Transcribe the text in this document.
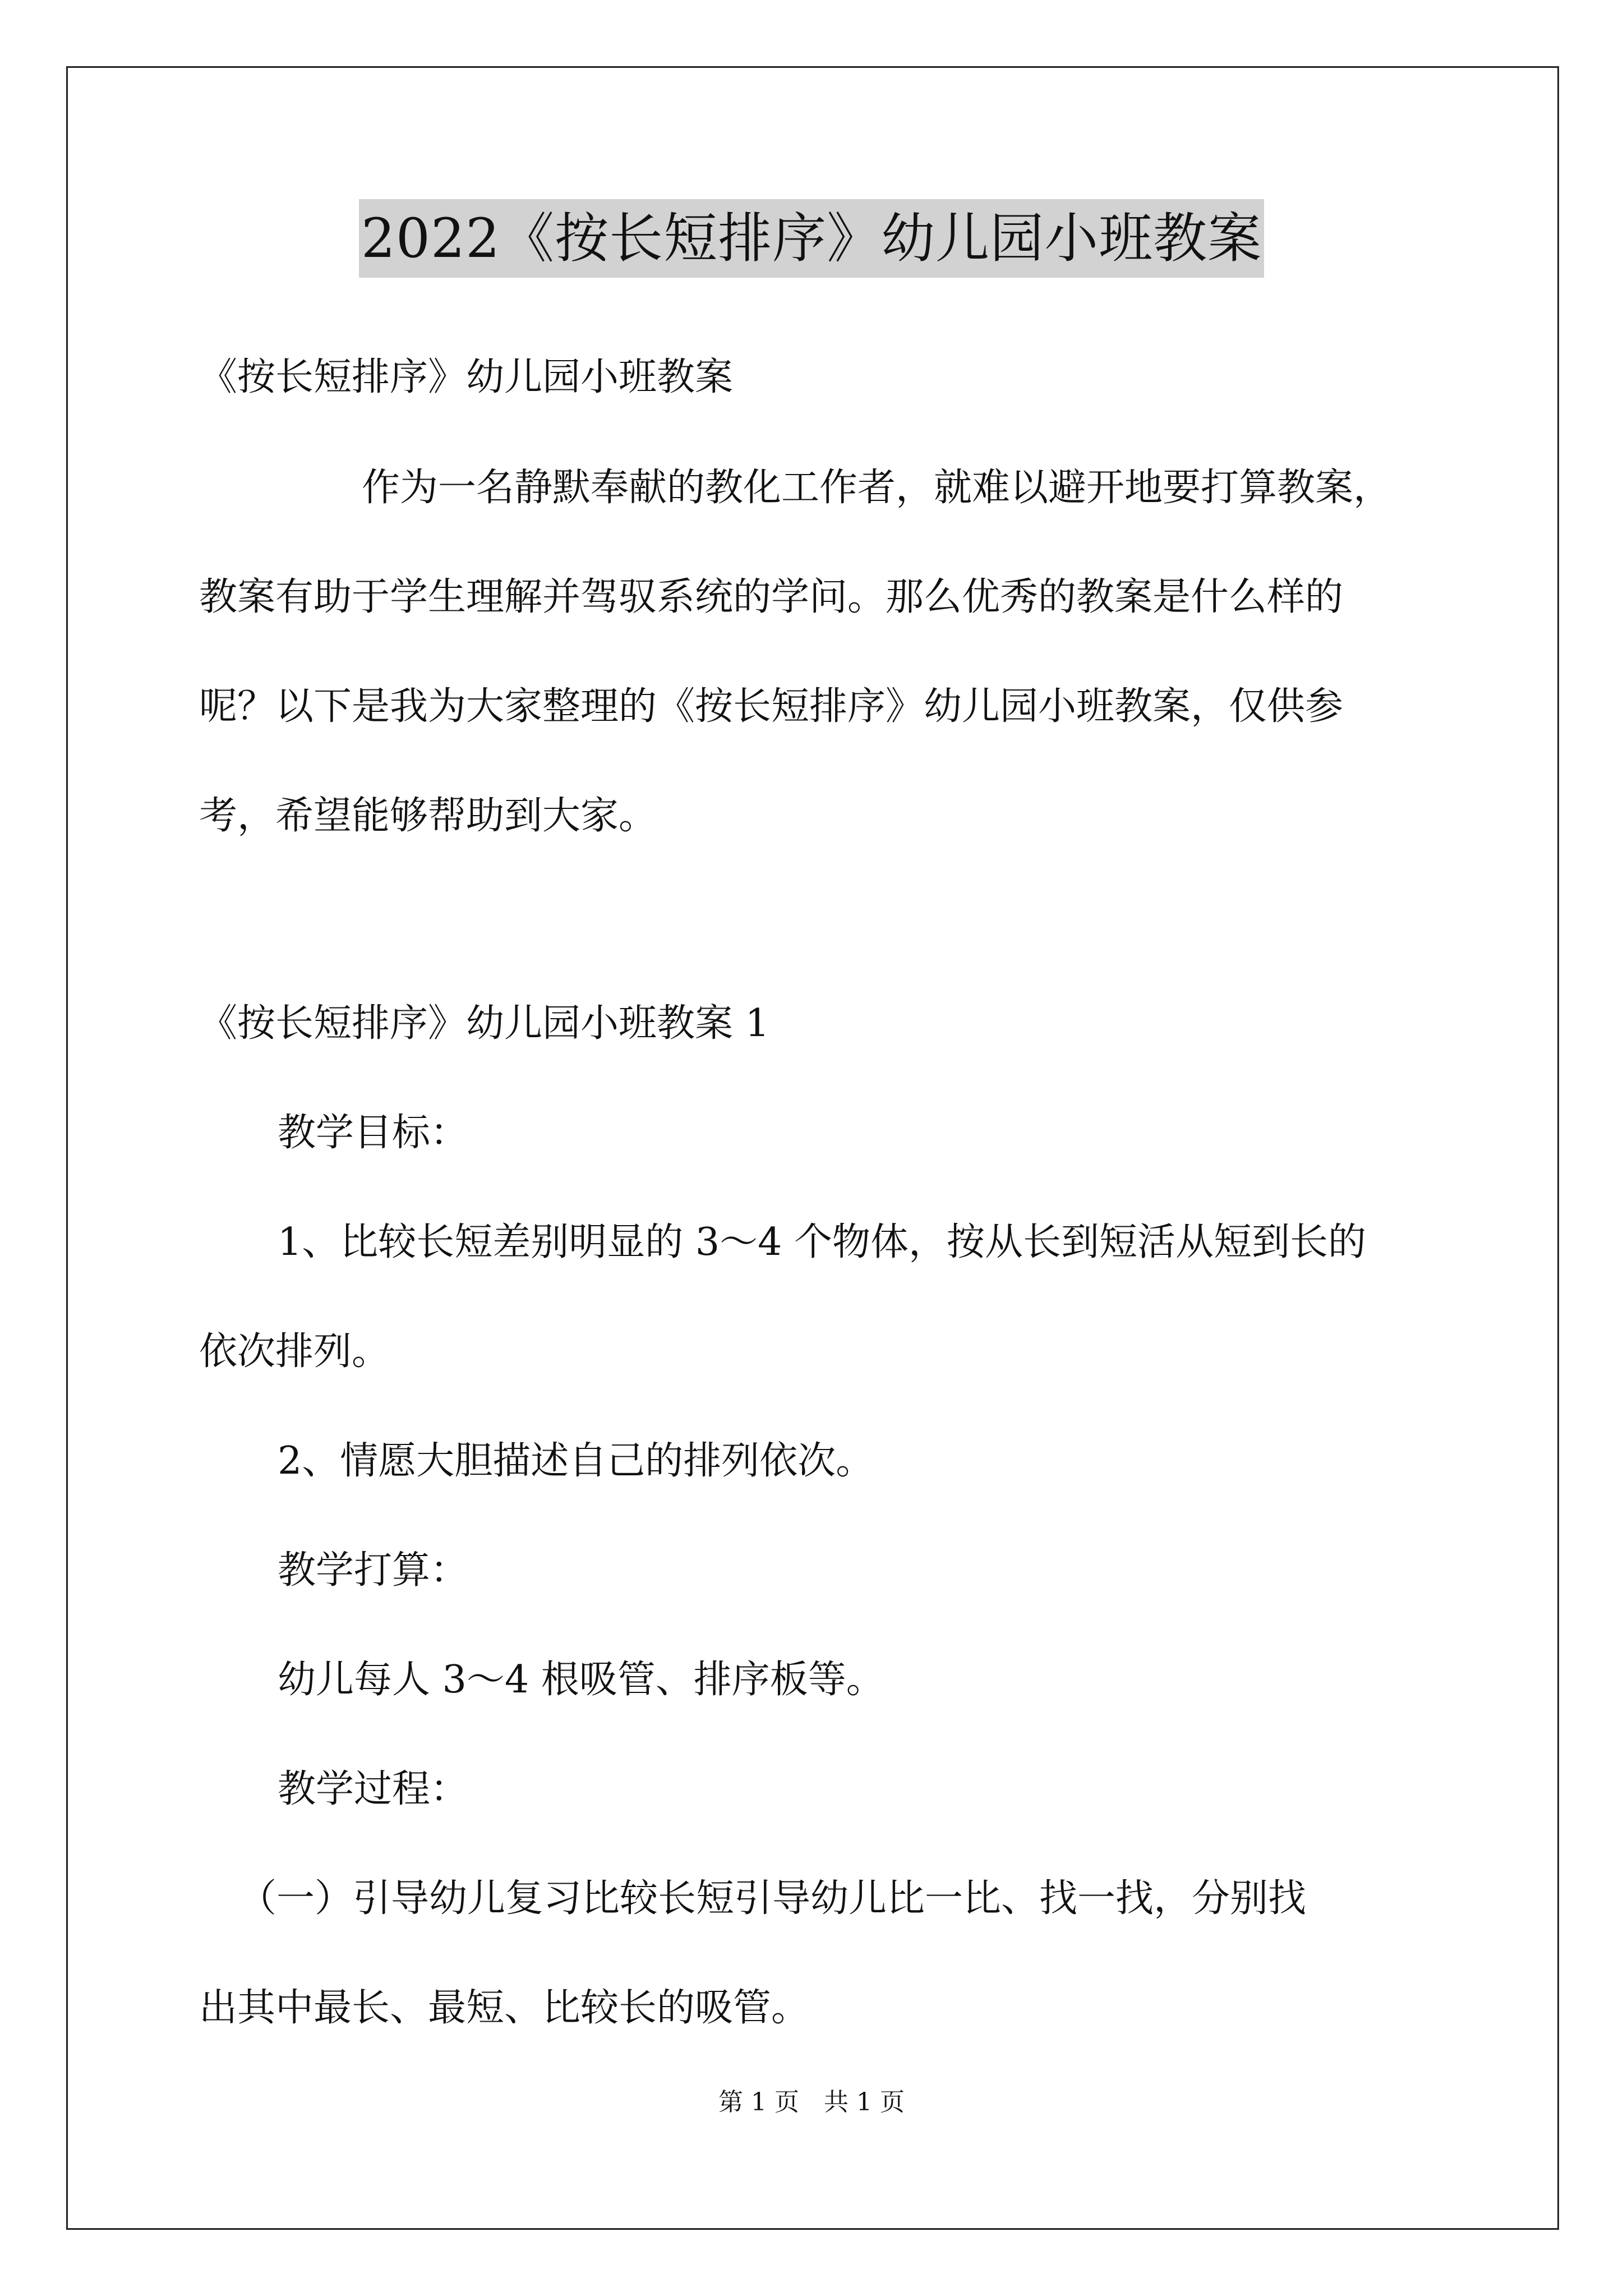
2022《按长短排序》幼儿园小班教案
《按长短排序》幼儿园小班教案
作为一名静默奉献的教化工作者，就难以避开地要打算教案，
教案有助于学生理解并驾驭系统的学问。那么优秀的教案是什么样的
呢？以下是我为大家整理的《按长短排序》幼儿园小班教案，仅供参
考，希望能够帮助到大家。
《按长短排序》幼儿园小班教案 1
教学目标：
1、比较长短差别明显的 3～4 个物体，按从长到短活从短到长的
依次排列。
2、情愿大胆描述自己的排列依次。
教学打算：
幼儿每人 3～4 根吸管、排序板等。
教学过程：
（一）引导幼儿复习比较长短引导幼儿比一比、找一找，分别找
出其中最长、最短、比较长的吸管。
第 1 页　共 1 页
